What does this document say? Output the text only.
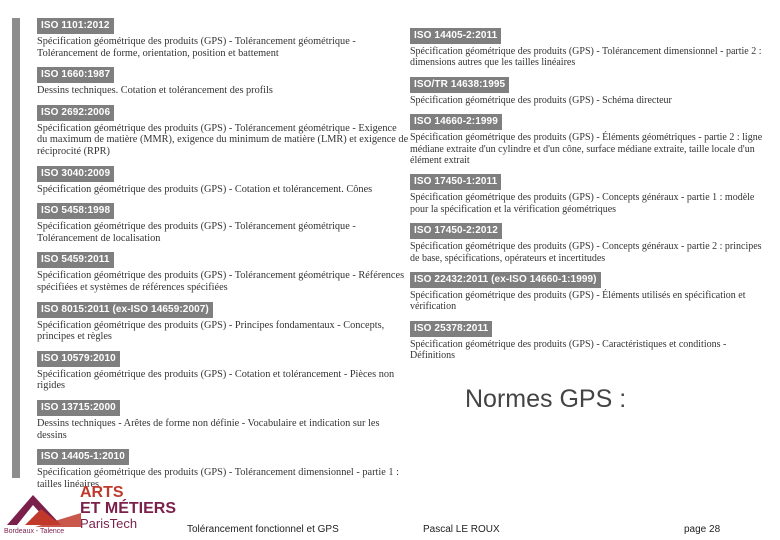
ISO 1101:2012
Spécification géométrique des produits (GPS) - Tolérancement géométrique - Tolérancement de forme, orientation, position et battement
ISO 1660:1987
Dessins techniques. Cotation et tolérancement des profils
ISO 2692:2006
Spécification géométrique des produits (GPS) - Tolérancement géométrique - Exigence du maximum de matière (MMR), exigence du minimum de matière (LMR) et exigence de réciprocité (RPR)
ISO 3040:2009
Spécification géométrique des produits (GPS) - Cotation et tolérancement. Cônes
ISO 5458:1998
Spécification géométrique des produits (GPS) - Tolérancement géométrique - Tolérancement de localisation
ISO 5459:2011
Spécification géométrique des produits (GPS) - Tolérancement géométrique - Références spécifiées et systèmes de références spécifiées
ISO 8015:2011 (ex-ISO 14659:2007)
Spécification géométrique des produits (GPS) - Principes fondamentaux - Concepts, principes et règles
ISO 10579:2010
Spécification géométrique des produits (GPS) - Cotation et tolérancement - Pièces non rigides
ISO 13715:2000
Dessins techniques - Arêtes de forme non définie - Vocabulaire et indication sur les dessins
ISO 14405-1:2010
Spécification géométrique des produits (GPS) - Tolérancement dimensionnel - partie 1 : tailles linéaires
ISO 14405-2:2011
Spécification géométrique des produits (GPS) - Tolérancement dimensionnel - partie 2 : dimensions autres que les tailles linéaires
ISO/TR 14638:1995
Spécification géométrique des produits (GPS) - Schéma directeur
ISO 14660-2:1999
Spécification géométrique des produits (GPS) - Éléments géométriques - partie 2 : ligne médiane extraite d'un cylindre et d'un cône, surface médiane extraite, taille locale d'un élément extrait
ISO 17450-1:2011
Spécification géométrique des produits (GPS) - Concepts généraux - partie 1 : modèle pour la spécification et la vérification géométriques
ISO 17450-2:2012
Spécification géométrique des produits (GPS) - Concepts généraux - partie 2 : principes de base, spécifications, opérateurs et incertitudes
ISO 22432:2011 (ex-ISO 14660-1:1999)
Spécification géométrique des produits (GPS) - Éléments utilisés en spécification et vérification
ISO 25378:2011
Spécification géométrique des produits (GPS) - Caractéristiques et conditions - Définitions
Normes GPS :
ARTS
ET MÉTIERS
ParisTech
Bordeaux - Talence	Tolérancement fonctionnel et GPS	Pascal LE ROUX	page 28
